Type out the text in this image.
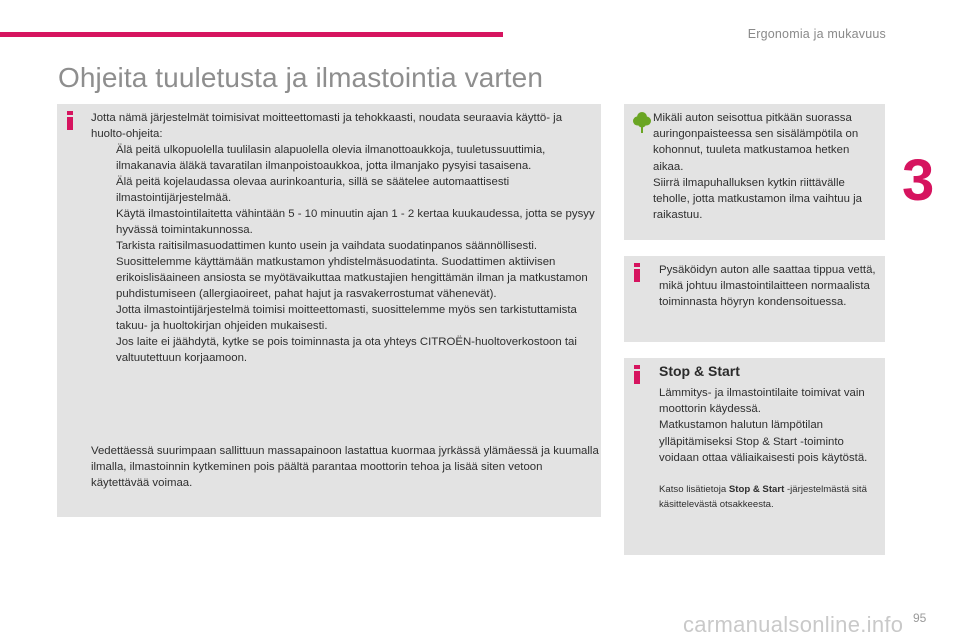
Ergonomia ja mukavuus
3
Ohjeita tuuletusta ja ilmastointia varten
Jotta nämä järjestelmät toimisivat moitteettomasti ja tehokkaasti, noudata seuraavia käyttö- ja huolto-ohjeita:
Älä peitä ulkopuolella tuulilasin alapuolella olevia ilmanottoaukkoja, tuuletussuuttimia, ilmakanavia äläkä tavaratilan ilmanpoistoaukkoa, jotta ilmanjako pysyisi tasaisena.
Älä peitä kojelaudassa olevaa aurinkoanturia, sillä se säätelee automaattisesti ilmastointijärjestelmää.
Käytä ilmastointilaitetta vähintään 5 - 10 minuutin ajan 1 - 2 kertaa kuukaudessa, jotta se pysyy hyvässä toimintakunnossa.
Tarkista raitisilmasuodattimen kunto usein ja vaihdata suodatinpanos säännöllisesti. Suosittelemme käyttämään matkustamon yhdistelmäsuodatinta. Suodattimen aktiivisen erikoislisäaineen ansiosta se myötävaikuttaa matkustajien hengittämän ilman ja matkustamon puhdistumiseen (allergiaoireet, pahat hajut ja rasvakerrostumat vähenevät).
Jotta ilmastointijärjestelmä toimisi moitteettomasti, suosittelemme myös sen tarkistuttamista takuu- ja huoltokirjan ohjeiden mukaisesti.
Jos laite ei jäähdytä, kytke se pois toiminnasta ja ota yhteys CITROËN-huoltoverkostoon tai valtuutettuun korjaamoon.
Vedettäessä suurimpaan sallittuun massapainoon lastattua kuormaa jyrkässä ylämäessä ja kuumalla ilmalla, ilmastoinnin kytkeminen pois päältä parantaa moottorin tehoa ja lisää siten vetoon käytettävää voimaa.
Mikäli auton seisottua pitkään suorassa auringonpaisteessa sen sisälämpötila on kohonnut, tuuleta matkustamoa hetken aikaa.
Siirrä ilmapuhalluksen kytkin riittävälle teholle, jotta matkustamon ilma vaihtuu ja raikastuu.
Pysäköidyn auton alle saattaa tippua vettä, mikä johtuu ilmastointilaitteen normaalista toiminnasta höyryn kondensoituessa.
Stop & Start
Lämmitys- ja ilmastointilaite toimivat vain moottorin käydessä.
Matkustamon halutun lämpötilan ylläpitämiseksi Stop & Start -toiminto voidaan ottaa väliaikaisesti pois käytöstä.
Katso lisätietoja Stop & Start -järjestelmästä sitä käsittelevästä otsakkeesta.
carmanualsonline.info 95
